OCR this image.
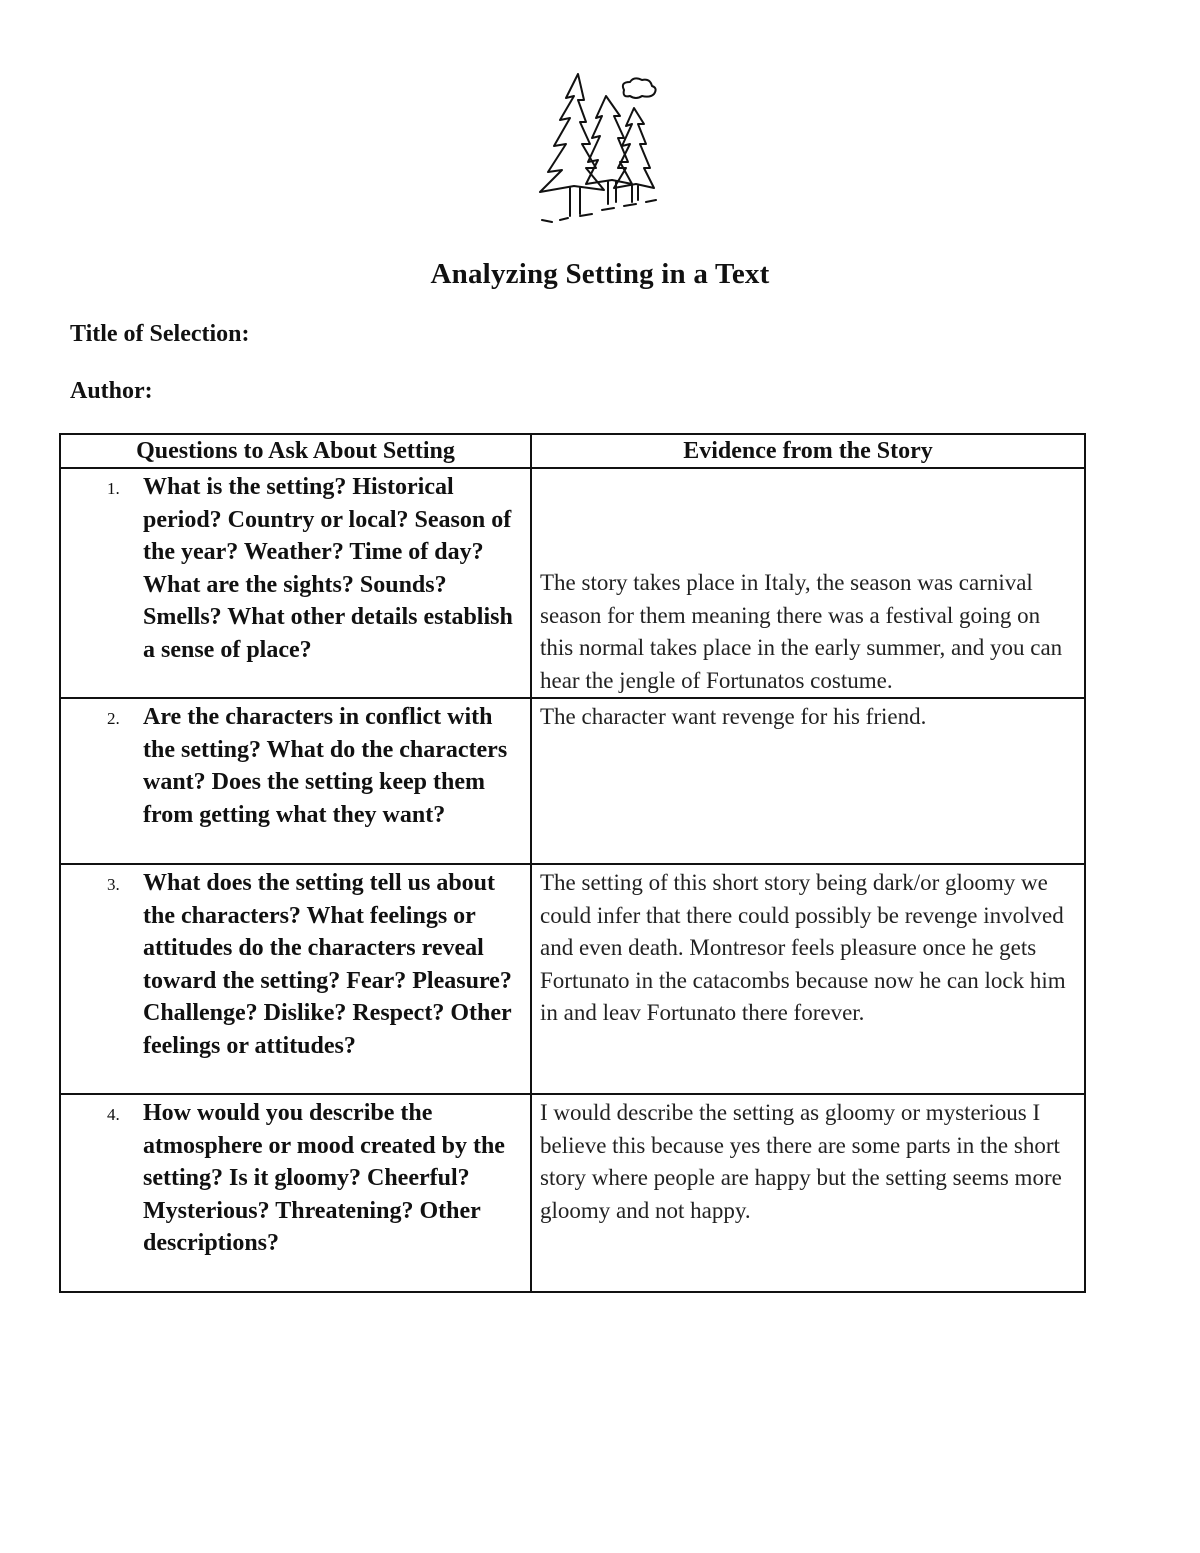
Analyzing Setting in a Text
Title of Selection:
Author:
Questions to Ask About Setting	Evidence from the Story

1. What is the setting? Historical period? Country or local? Season of the year? Weather? Time of day? What are the sights? Sounds? Smells? What other details establish a sense of place?	The story takes place in Italy, the season was carnival season for them meaning there was a festival going on this normal takes place in the early summer, and you can hear the jengle of Fortunatos costume.

2. Are the characters in conflict with the setting? What do the characters want? Does the setting keep them from getting what they want?	The character want revenge for his friend.

3. What does the setting tell us about the characters? What feelings or attitudes do the characters reveal toward the setting? Fear? Pleasure? Challenge? Dislike? Respect? Other feelings or attitudes?	The setting of this short story being dark/or gloomy we could infer that there could possibly be revenge involved and even death. Montresor feels pleasure once he gets Fortunato in the catacombs because now he can lock him in and leav Fortunato there forever.

4. How would you describe the atmosphere or mood created by the setting? Is it gloomy? Cheerful? Mysterious? Threatening? Other descriptions?	I would describe the setting as gloomy or mysterious I believe this because yes there are some parts in the short story where people are happy but the setting seems more gloomy and not happy.
